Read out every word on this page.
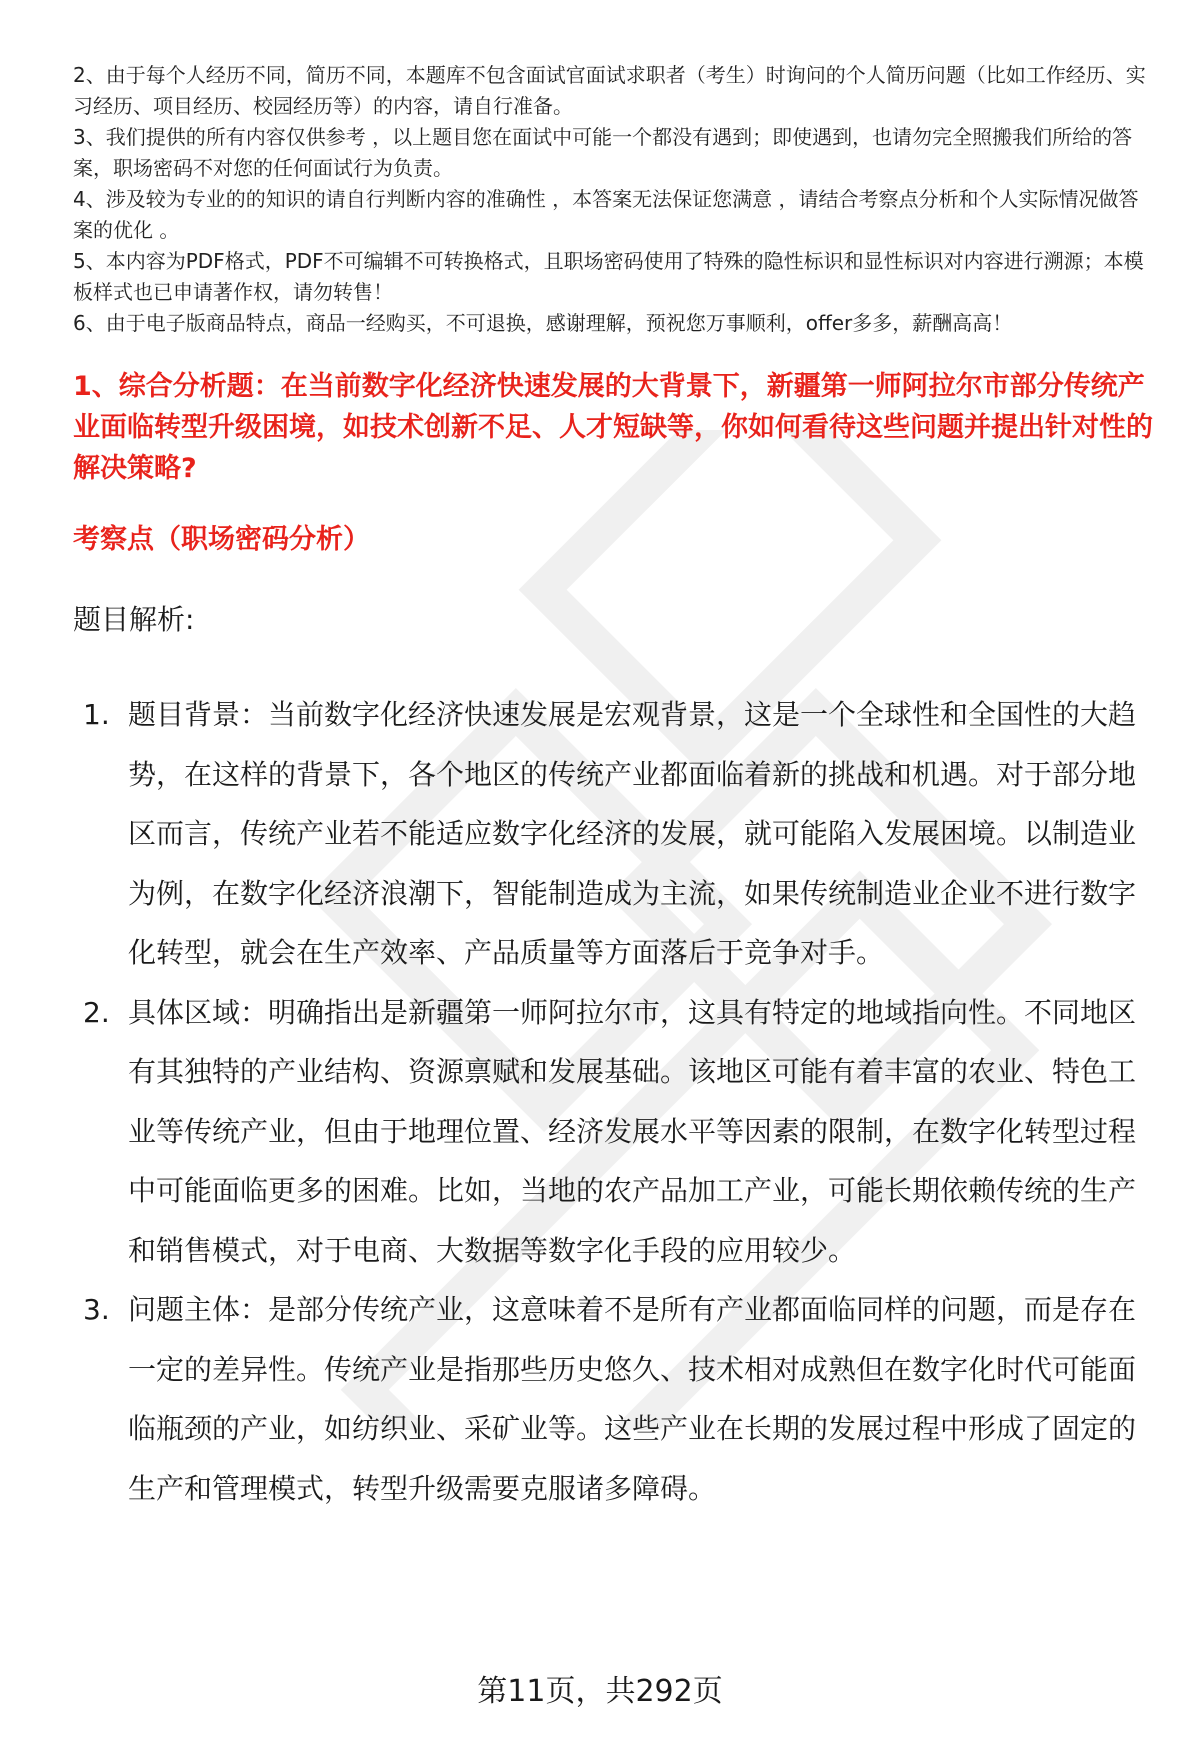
2、由于每个人经历不同，简历不同，本题库不包含面试官面试求职者（考生）时询问的个人简历问题（比如工作经历、实习经历、项目经历、校园经历等）的内容，请自行准备。
3、我们提供的所有内容仅供参考 ，以上题目您在面试中可能一个都没有遇到；即使遇到，也请勿完全照搬我们所给的答案，职场密码不对您的任何面试行为负责。
4、涉及较为专业的的知识的请自行判断内容的准确性 ，本答案无法保证您满意 ，请结合考察点分析和个人实际情况做答案的优化 。
5、本内容为PDF格式，PDF不可编辑不可转换格式，且职场密码使用了特殊的隐性标识和显性标识对内容进行溯源；本模板样式也已申请著作权，请勿转售！
6、由于电子版商品特点，商品一经购买，不可退换，感谢理解，预祝您万事顺利，offer多多，薪酬高高！
1、综合分析题：在当前数字化经济快速发展的大背景下，新疆第一师阿拉尔市部分传统产业面临转型升级困境，如技术创新不足、人才短缺等，你如何看待这些问题并提出针对性的解决策略?
考察点（职场密码分析）

题目解析:

1. 题目背景：当前数字化经济快速发展是宏观背景，这是一个全球性和全国性的大趋势，在这样的背景下，各个地区的传统产业都面临着新的挑战和机遇。对于部分地区而言，传统产业若不能适应数字化经济的发展，就可能陷入发展困境。以制造业为例，在数字化经济浪潮下，智能制造成为主流，如果传统制造业企业不进行数字化转型，就会在生产效率、产品质量等方面落后于竞争对手。
2. 具体区域：明确指出是新疆第一师阿拉尔市，这具有特定的地域指向性。不同地区有其独特的产业结构、资源禀赋和发展基础。该地区可能有着丰富的农业、特色工业等传统产业，但由于地理位置、经济发展水平等因素的限制，在数字化转型过程中可能面临更多的困难。比如，当地的农产品加工产业，可能长期依赖传统的生产和销售模式，对于电商、大数据等数字化手段的应用较少。
3. 问题主体：是部分传统产业，这意味着不是所有产业都面临同样的问题，而是存在一定的差异性。传统产业是指那些历史悠久、技术相对成熟但在数字化时代可能面临瓶颈的产业，如纺织业、采矿业等。这些产业在长期的发展过程中形成了固定的生产和管理模式，转型升级需要克服诸多障碍。
第11页，共292页
